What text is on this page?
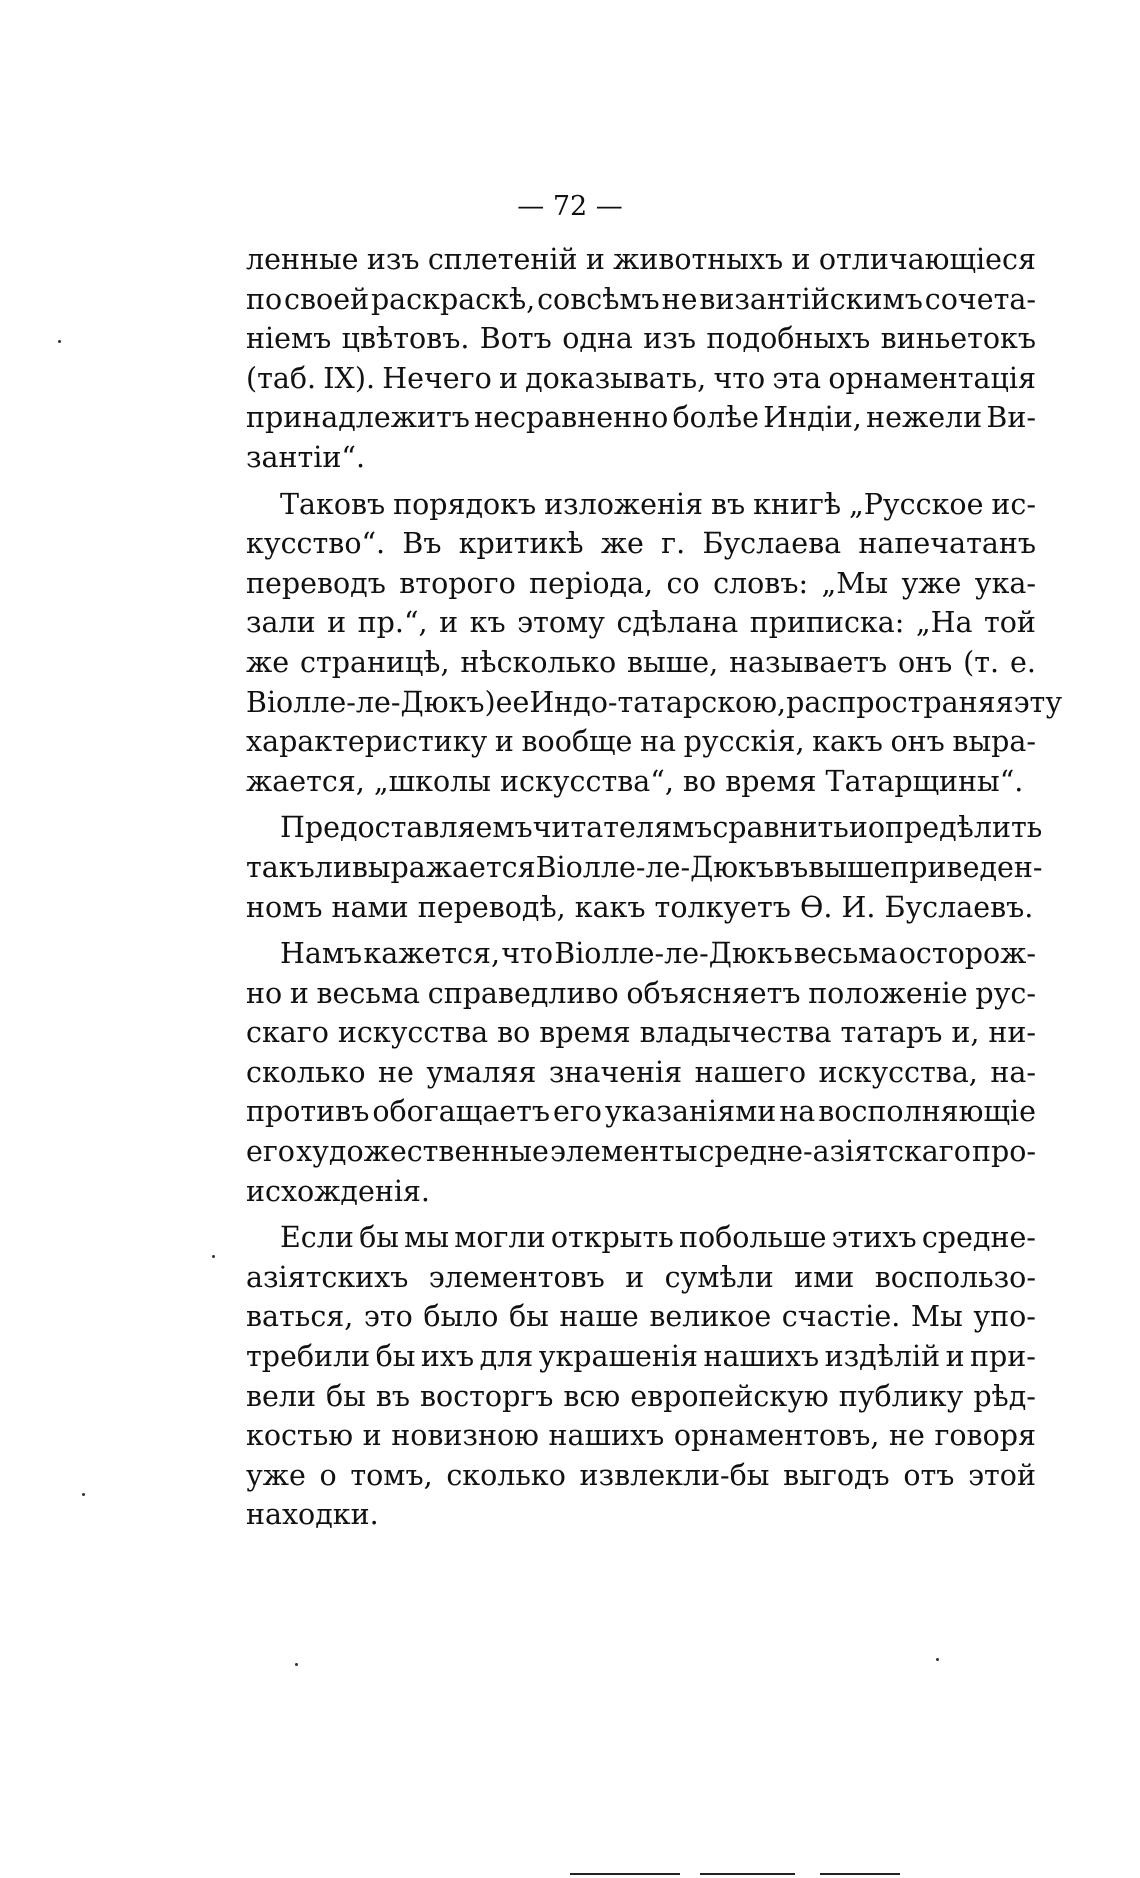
— 72 —
ленные изъ сплетеній и животныхъ и отличающіеся
по своей раскраскѣ, совсѣмъ не византійскимъ сочета-
ніемъ цвѣтовъ. Вотъ одна изъ подобныхъ виньетокъ
(таб. IX). Нечего и доказывать, что эта орнаментація
принадлежитъ несравненно болѣе Индіи, нежели Ви-
зантіи“.
Таковъ порядокъ изложенія въ книгѣ „Русское ис-
кусство“. Въ критикѣ же г. Буслаева напечатанъ
переводъ второго періода, со словъ: „Мы уже ука-
зали и пр.“, и къ этому сдѣлана приписка: „На той
же страницѣ, нѣсколько выше, называетъ онъ (т. е.
Віолле-ле-Дюкъ) ее Индо-татарскою, распространяя эту
характеристику и вообще на русскія, какъ онъ выра-
жается, „школы искусства“, во время Татарщины“.
Предоставляемъ читателямъ сравнить и опредѣлить
такъ ли выражается Віолле-ле-Дюкъ въ вышеприведен-
номъ нами переводѣ, какъ толкуетъ Ѳ. И. Буслаевъ.
Намъ кажется, что Віолле-ле-Дюкъ весьма осторож-
но и весьма справедливо объясняетъ положеніе рус-
скаго искусства во время владычества татаръ и, ни-
сколько не умаляя значенія нашего искусства, на-
противъ обогащаетъ его указаніями на восполняющіе
его художественные элементы средне-азіятскаго про-
исхожденія.
Если бы мы могли открыть побольше этихъ средне-
азіятскихъ элементовъ и сумѣли ими воспользо-
ваться, это было бы наше великое счастіе. Мы упо-
требили бы ихъ для украшенія нашихъ издѣлій и при-
вели бы въ восторгъ всю европейскую публику рѣд-
костью и новизною нашихъ орнаментовъ, не говоря
уже о томъ, сколько извлекли-бы выгодъ отъ этой
находки.
